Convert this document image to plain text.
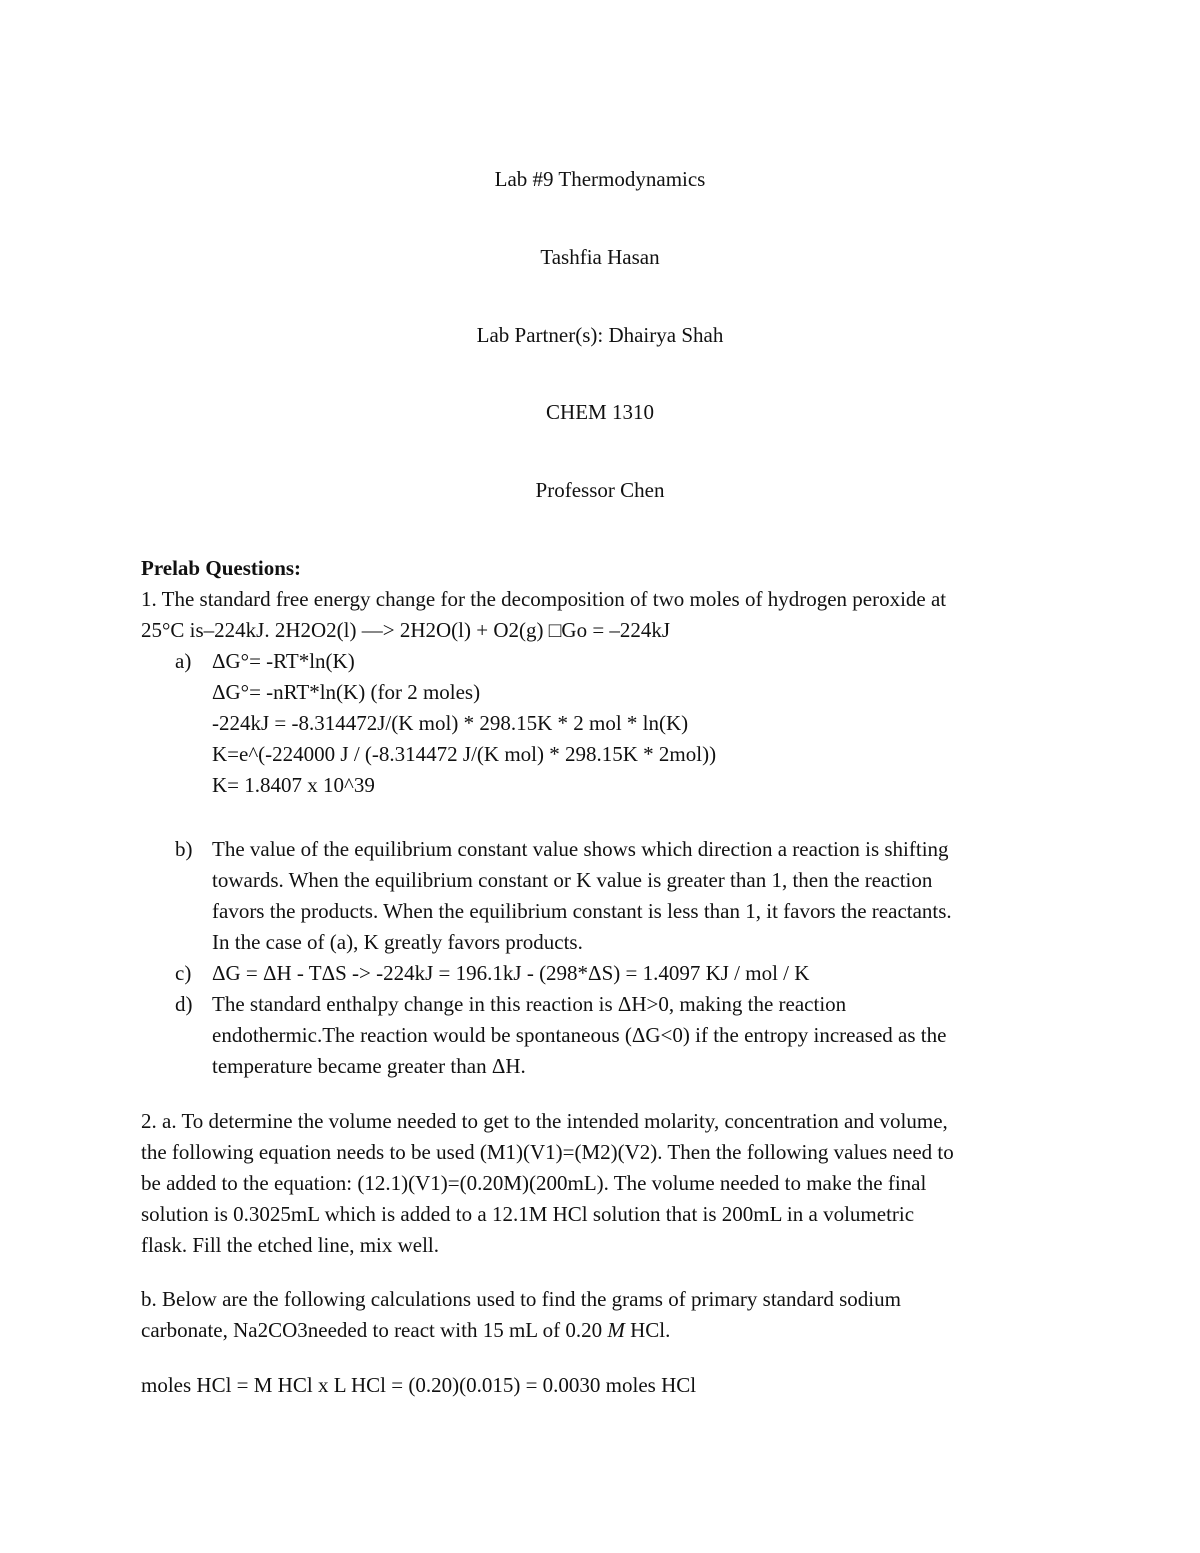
Lab #9 Thermodynamics
Tashfia Hasan
Lab Partner(s): Dhairya Shah
CHEM 1310
Professor Chen
Prelab Questions:
1. The standard free energy change for the decomposition of two moles of hydrogen peroxide at
25°C is–224kJ. 2H2O2(l) —> 2H2O(l) + O2(g) □Go = –224kJ
a) ΔG°= -RT*ln(K)
ΔG°= -nRT*ln(K) (for 2 moles)
-224kJ = -8.314472J/(K mol) * 298.15K * 2 mol * ln(K)
K=e^(-224000 J / (-8.314472 J/(K mol) * 298.15K * 2mol))
K= 1.8407 x 10^39
b) The value of the equilibrium constant value shows which direction a reaction is shifting
towards. When the equilibrium constant or K value is greater than 1, then the reaction
favors the products. When the equilibrium constant is less than 1, it favors the reactants.
In the case of (a), K greatly favors products.
c) ΔG = ΔH - TΔS -> -224kJ = 196.1kJ - (298*ΔS) = 1.4097 KJ / mol / K
d) The standard enthalpy change in this reaction is ΔH>0, making the reaction
endothermic.The reaction would be spontaneous (ΔG<0) if the entropy increased as the
temperature became greater than ΔH.
2. a. To determine the volume needed to get to the intended molarity, concentration and volume,
the following equation needs to be used (M1)(V1)=(M2)(V2). Then the following values need to
be added to the equation: (12.1)(V1)=(0.20M)(200mL). The volume needed to make the final
solution is 0.3025mL which is added to a 12.1M HCl solution that is 200mL in a volumetric
flask. Fill the etched line, mix well.
b. Below are the following calculations used to find the grams of primary standard sodium
carbonate, Na2CO3needed to react with 15 mL of 0.20 M HCl.
moles HCl = M HCl x L HCl = (0.20)(0.015) = 0.0030 moles HCl
